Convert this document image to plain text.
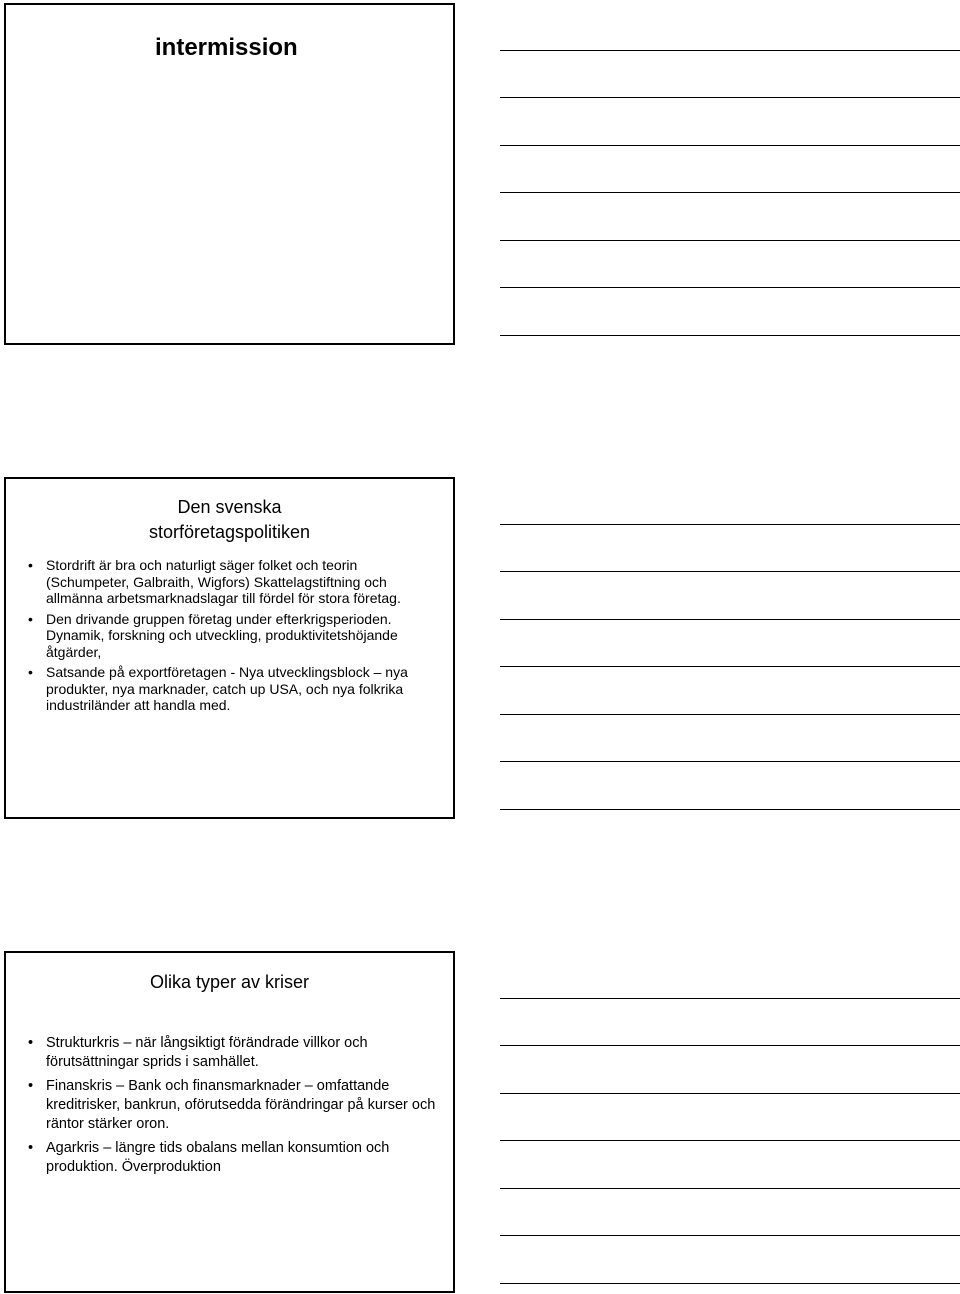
intermission
Den svenska
storföretagspolitiken
• Stordrift är bra och naturligt säger folket och teorin (Schumpeter, Galbraith, Wigfors) Skattelagstiftning och allmänna arbetsmarknadslagar till fördel för stora företag.
• Den drivande gruppen företag under efterkrigsperioden. Dynamik, forskning och utveckling, produktivitetshöjande åtgärder,
• Satsande på exportföretagen - Nya utvecklingsblock – nya produkter, nya marknader, catch up USA, och nya folkrika industriländer att handla med.
Olika typer av kriser
• Strukturkris – när långsiktigt förändrade villkor och förutsättningar sprids i samhället.
• Finanskris – Bank och finansmarknader – omfattande kreditrisker, bankrun, oförutsedda förändringar på kurser och räntor stärker oron.
• Agarkris – längre tids obalans mellan konsumtion och produktion. Överproduktion
